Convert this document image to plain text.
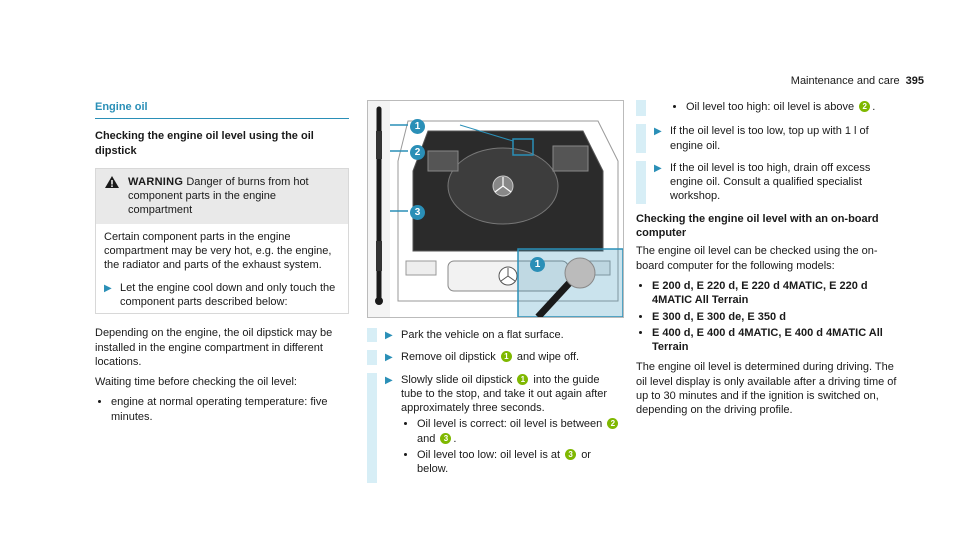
Maintenance and care 395
Engine oil
Checking the engine oil level using the oil dipstick
WARNING Danger of burns from hot component parts in the engine compartment

Certain component parts in the engine compartment may be very hot, e.g. the engine, the radiator and parts of the exhaust system.

▶ Let the engine cool down and only touch the component parts described below:

Depending on the engine, the oil dipstick may be installed in the engine compartment in different locations.

Waiting time before checking the oil level:

• engine at normal operating temperature: five minutes.
1
2
3
1
▶ Park the vehicle on a flat surface.
▶ Remove oil dipstick 1 and wipe off.
▶ Slowly slide oil dipstick 1 into the guide tube to the stop, and take it out again after approximately three seconds.
• Oil level is correct: oil level is between 2 and 3 .
• Oil level too low: oil level is at 3 or below.
• Oil level too high: oil level is above 2 .
▶ If the oil level is too low, top up with 1 l of engine oil.
▶ If the oil level is too high, drain off excess engine oil. Consult a qualified specialist workshop.
Checking the engine oil level with an on-board computer

The engine oil level can be checked using the on-board computer for the following models:

• E 200 d, E 220 d, E 220 d 4MATIC, E 220 d 4MATIC All Terrain
• E 300 d, E 300 de, E 350 d
• E 400 d, E 400 d 4MATIC, E 400 d 4MATIC All Terrain

The engine oil level is determined during driving. The oil level display is only available after a driving time of up to 30 minutes and if the ignition is switched on, depending on the driving profile.
